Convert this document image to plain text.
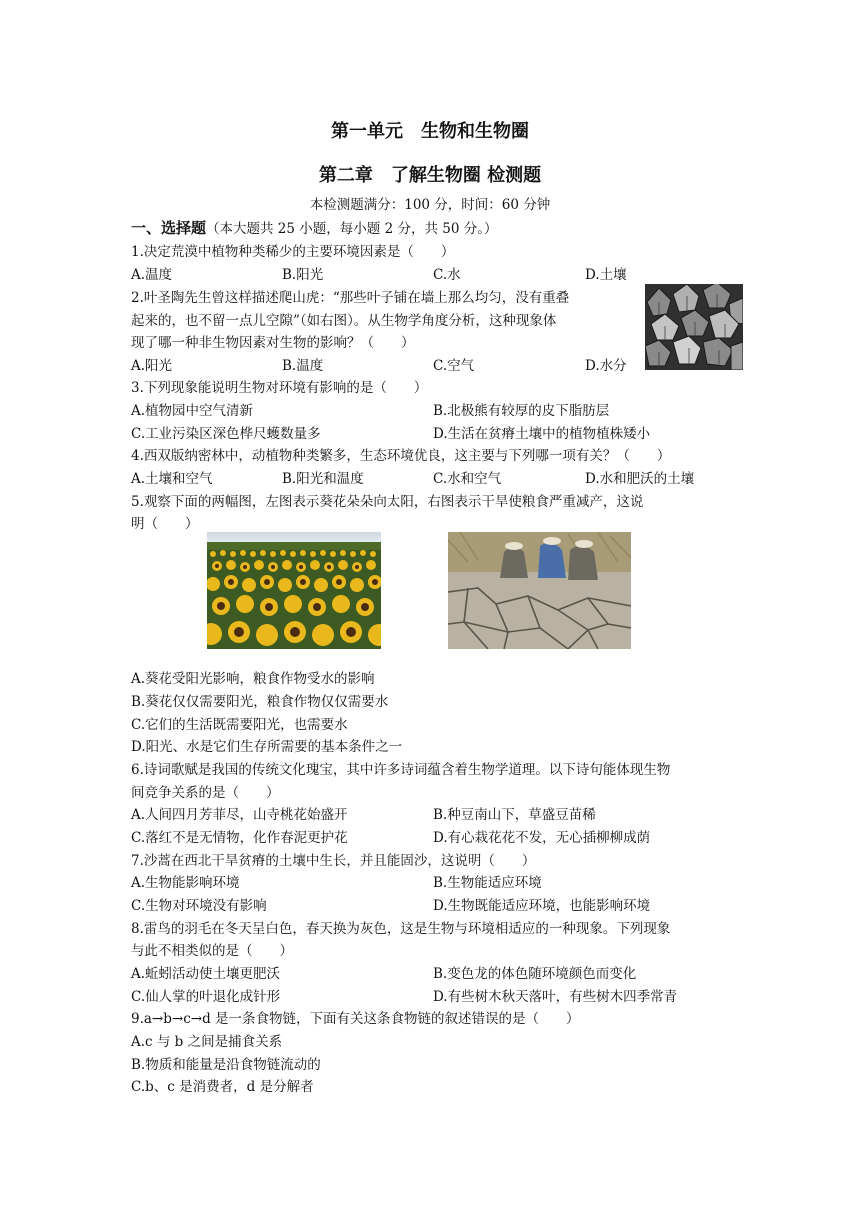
第一单元　生物和生物圈
第二章　了解生物圈 检测题
本检测题满分：100 分，时间：60 分钟
一、选择题（本大题共 25 小题，每小题 2 分，共 50 分。）
1.决定荒漠中植物种类稀少的主要环境因素是（　　）
A.温度	B.阳光	C.水	D.土壤
2.叶圣陶先生曾这样描述爬山虎：“那些叶子铺在墙上那么均匀，没有重叠
起来的，也不留一点儿空隙”（如右图）。从生物学角度分析，这种现象体
现了哪一种非生物因素对生物的影响？（　　）
A.阳光	B.温度	C.空气	D.水分
3.下列现象能说明生物对环境有影响的是（　　）
A.植物园中空气清新	B.北极熊有较厚的皮下脂肪层
C.工业污染区深色桦尺蠖数量多	D.生活在贫瘠土壤中的植物植株矮小
4.西双版纳密林中，动植物种类繁多，生态环境优良，这主要与下列哪一项有关？（　　）
A.土壤和空气	B.阳光和温度	C.水和空气	D.水和肥沃的土壤
5.观察下面的两幅图，左图表示葵花朵朵向太阳，右图表示干旱使粮食严重减产，这说
明（　　）
A.葵花受阳光影响，粮食作物受水的影响
B.葵花仅仅需要阳光，粮食作物仅仅需要水
C.它们的生活既需要阳光，也需要水
D.阳光、水是它们生存所需要的基本条件之一
6.诗词歌赋是我国的传统文化瑰宝，其中许多诗词蕴含着生物学道理。以下诗句能体现生物
间竞争关系的是（　　）
A.人间四月芳菲尽，山寺桃花始盛开	B.种豆南山下，草盛豆苗稀
C.落红不是无情物，化作春泥更护花	D.有心栽花花不发，无心插柳柳成荫
7.沙蒿在西北干旱贫瘠的土壤中生长，并且能固沙，这说明（　　）
A.生物能影响环境	B.生物能适应环境
C.生物对环境没有影响	D.生物既能适应环境，也能影响环境
8.雷鸟的羽毛在冬天呈白色，春天换为灰色，这是生物与环境相适应的一种现象。下列现象
与此不相类似的是（　　）
A.蚯蚓活动使土壤更肥沃	B.变色龙的体色随环境颜色而变化
C.仙人掌的叶退化成针形	D.有些树木秋天落叶，有些树木四季常青
9.a→b→c→d 是一条食物链，下面有关这条食物链的叙述错误的是（　　）
A.c 与 b 之间是捕食关系
B.物质和能量是沿食物链流动的
C.b、c 是消费者，d 是分解者
